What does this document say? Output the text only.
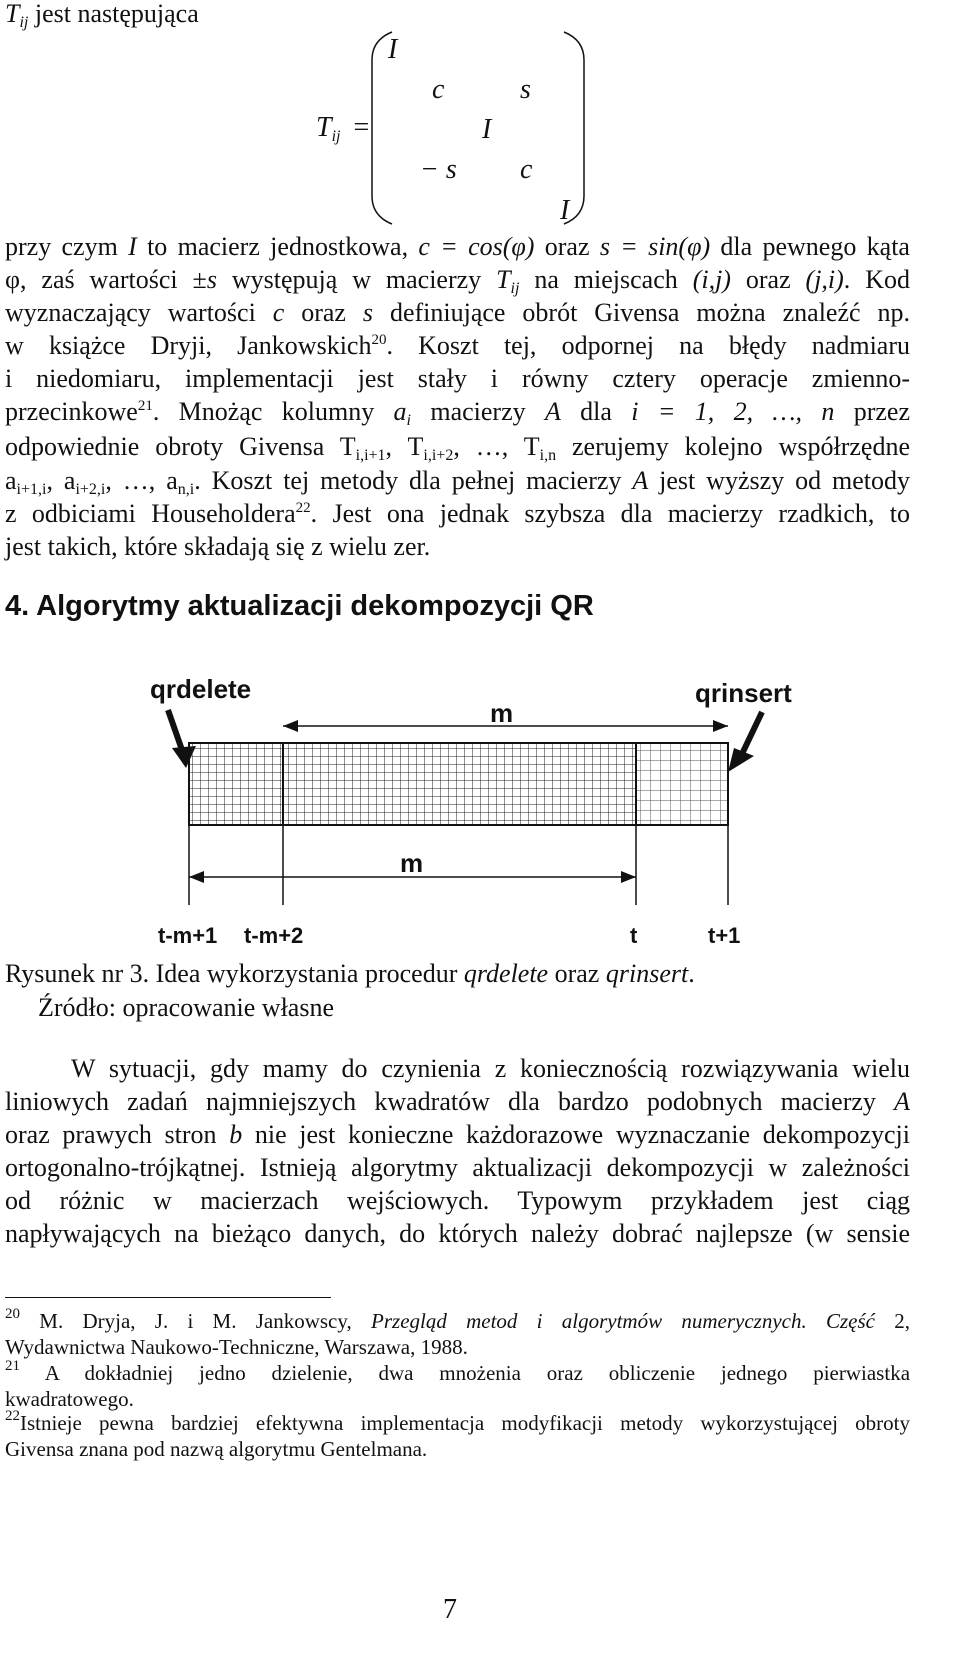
$T_{ij}$ jest następująca
$T_{ij}$ =
I
c	s
I
− s c
I
przy czym I to macierz jednostkowa, c = cos(φ) oraz s = sin(φ) dla pewnego kąta
φ, zaś wartości ±s występują w macierzy $T_{ij}$ na miejscach (i,j) oraz (j,i). Kod
wyznaczający wartości c oraz s definiujące obrót Givensa można znaleźć np.
w książce Dryji, Jankowskich$^{20}$. Koszt tej, odpornej na błędy nadmiaru
i niedomiaru, implementacji jest stały i równy cztery operacje zmienno-
przecinkowe$^{21}$. Mnożąc kolumny $a_i$ macierzy A dla i = 1, 2, …, n przez
odpowiednie obroty Givensa $T_{i,i+1}$, $T_{i,i+2}$, …, $T_{i,n}$ zerujemy kolejno współrzędne
$a_{i+1,i}$, $a_{i+2,i}$, …, $a_{n,i}$. Koszt tej metody dla pełnej macierzy A jest wyższy od metody
z odbiciami Householdera$^{22}$. Jest ona jednak szybsza dla macierzy rzadkich, to
jest takich, które składają się z wielu zer.
4. Algorytmy aktualizacji dekompozycji QR
qrdelete	qrinsert
m
m
t-m+1 t-m+2	t	t+1
Rysunek nr 3. Idea wykorzystania procedur qrdelete oraz qrinsert.
Źródło: opracowanie własne
W sytuacji, gdy mamy do czynienia z koniecznością rozwiązywania wielu
liniowych zadań najmniejszych kwadratów dla bardzo podobnych macierzy A
oraz prawych stron b nie jest konieczne każdorazowe wyznaczanie dekompozycji
ortogonalno-trójkątnej. Istnieją algorytmy aktualizacji dekompozycji w zależności
od różnic w macierzach wejściowych. Typowym przykładem jest ciąg
napływających na bieżąco danych, do których należy dobrać najlepsze (w sensie
$^{20}$ M. Dryja, J. i M. Jankowscy, Przegląd metod i algorytmów numerycznych. Część 2,
Wydawnictwa Naukowo-Techniczne, Warszawa, 1988.
$^{21}$ A dokładniej jedno dzielenie, dwa mnożenia oraz obliczenie jednego pierwiastka
kwadratowego.
$^{22}$Istnieje pewna bardziej efektywna implementacja modyfikacji metody wykorzystującej obroty
Givensa znana pod nazwą algorytmu Gentelmana.
7
